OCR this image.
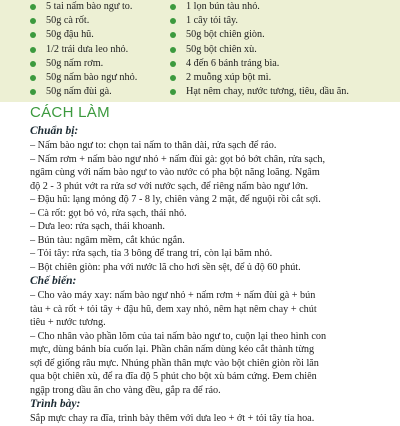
5 tai nấm bào ngư to.
50g cà rốt.
50g đậu hũ.
1/2 trái dưa leo nhỏ.
50g nấm rơm.
50g nấm bào ngư nhỏ.
50g nấm đùi gà.
1 lọn bún tàu nhỏ.
1 cây tỏi tây.
50g bột chiên giòn.
50g bột chiên xù.
4 đến 6 bánh tráng bìa.
2 muỗng xúp bột mì.
Hạt nêm chay, nước tương, tiêu, dầu ăn.
CÁCH LÀM
Chuẩn bị:
– Nấm bào ngư to: chọn tai nấm to thân dài, rửa sạch để ráo.
– Nấm rơm + nấm bào ngư nhỏ + nấm đùi gà: gọt bỏ bớt chân, rửa sạch,
ngâm cùng với nấm bào ngư to vào nước có pha bột năng loãng. Ngâm
độ 2 - 3 phút vớt ra rửa sơ với nước sạch, để riêng nấm bào ngư lớn.
– Đậu hũ: lạng mỏng độ 7 - 8 ly, chiên vàng 2 mặt, để nguội rồi cắt sợi.
– Cà rốt: gọt bỏ vỏ, rửa sạch, thái nhỏ.
– Dưa leo: rửa sạch, thái khoanh.
– Bún tàu: ngâm mềm, cắt khúc ngắn.
– Tỏi tây: rửa sạch, tỉa 3 bông để trang trí, còn lại băm nhỏ.
– Bột chiên giòn: pha với nước lã cho hơi sền sệt, để ủ độ 60 phút.
Chế biến:
– Cho vào máy xay: nấm bào ngư nhỏ + nấm rơm + nấm đùi gà + bún
tàu + cà rốt + tỏi tây + đậu hũ, đem xay nhỏ, nêm hạt nêm chay + chút
tiêu + nước tương.
– Cho nhân vào phần lõm của tai nấm bào ngư to, cuộn lại theo hình con
mực, dùng bánh bía cuốn lại. Phần chân nấm dùng kéo cắt thành từng
sợi để giống râu mực. Nhúng phần thân mực vào bột chiên giòn rồi lăn
qua bột chiên xù, để ra đĩa độ 5 phút cho bột xù bám cứng. Đem chiên
ngập trong dầu ăn cho vàng đều, gắp ra để ráo.
Trình bày:
Sắp mực chay ra đĩa, trình bày thêm với dưa leo + ớt + tỏi tây tỉa hoa.
